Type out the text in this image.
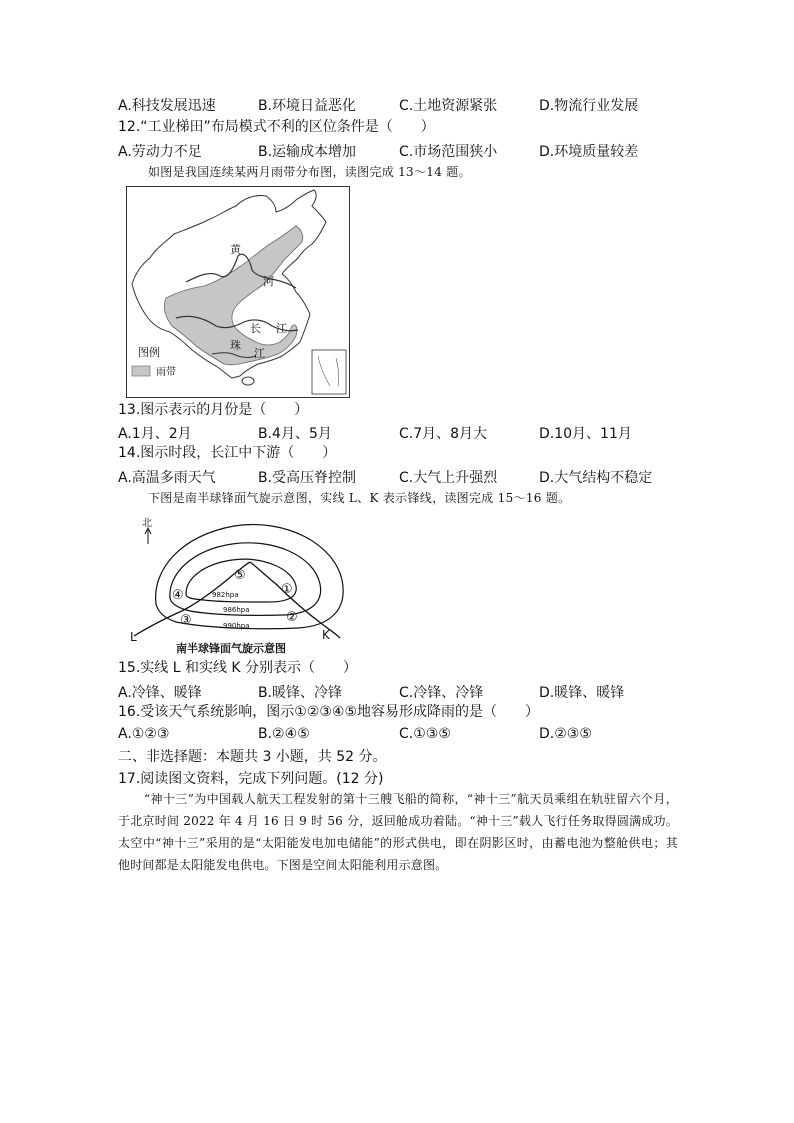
A.科技发展迅速	B.环境日益恶化	C.土地资源紧张	D.物流行业发展
12.“工业梯田”布局模式不利的区位条件是（　　）
A.劳动力不足	B.运输成本增加	C.市场范围狭小	D.环境质量较差
如图是我国连续某两月雨带分布图，读图完成 13～14 题。
黄
河
长 江
珠
江
图例
雨带
13.图示表示的月份是（　　）
A.1月、2月	B.4月、5月	C.7月、8月大	D.10月、11月
14.图示时段，长江中下游（　　）
A.高温多雨天气	B.受高压脊控制	C.大气上升强烈	D.大气结构不稳定
下图是南半球锋面气旋示意图，实线 L、K 表示锋线，读图完成 15～16 题。
北
982hpa
986hpa
990hpa
①
②
③
④
⑤
L	K
南半球锋面气旋示意图
15.实线 L 和实线 K 分别表示（　　）
A.冷锋、暖锋	B.暖锋、冷锋	C.冷锋、冷锋	D.暖锋、暖锋
16.受该天气系统影响，图示①②③④⑤地容易形成降雨的是（　　）
A.①②③	B.②④⑤	C.①③⑤	D.②③⑤
二、非选择题：本题共 3 小题，共 52 分。
17.阅读图文资料，完成下列问题。(12 分)
“神十三”为中国载人航天工程发射的第十三艘飞船的简称，“神十三”航天员乘组在轨驻留六个月，于北京时间 2022 年 4 月 16 日 9 时 56 分，返回舱成功着陆。“神十三”载人飞行任务取得圆满成功。太空中“神十三”采用的是“太阳能发电加电储能”的形式供电，即在阴影区时，由蓄电池为整舱供电；其他时间都是太阳能发电供电。下图是空间太阳能利用示意图。
